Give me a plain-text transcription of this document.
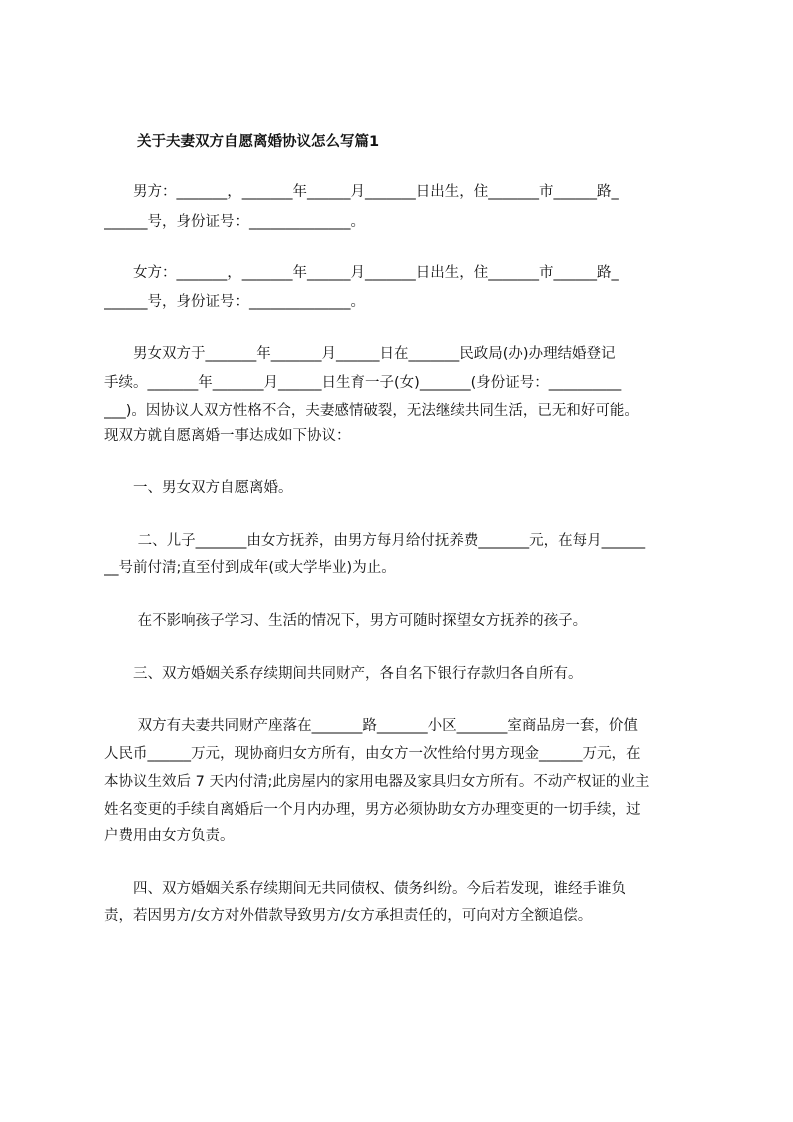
关于夫妻双方自愿离婚协议怎么写篇1
　　男方：_______，_______年______月_______日出生，住_______市______路_
______号，身份证号：______________。
　　女方：_______，_______年______月_______日出生，住_______市______路_
______号，身份证号：______________。
　　男女双方于_______年_______月______日在_______民政局(办)办理结婚登记
手续。_______年_______月______日生育一子(女)_______(身份证号：__________
___)。因协议人双方性格不合，夫妻感情破裂，无法继续共同生活，已无和好可能。
现双方就自愿离婚一事达成如下协议：
　　一、男女双方自愿离婚。
　　 二、儿子_______由女方抚养，由男方每月给付抚养费_______元，在每月______
__号前付清;直至付到成年(或大学毕业)为止。
　　 在不影响孩子学习、生活的情况下，男方可随时探望女方抚养的孩子。
　　三、双方婚姻关系存续期间共同财产，各自名下银行存款归各自所有。
　　 双方有夫妻共同财产座落在_______路_______小区_______室商品房一套，价值
人民币______万元，现协商归女方所有，由女方一次性给付男方现金______万元，在
本协议生效后 7 天内付清;此房屋内的家用电器及家具归女方所有。不动产权证的业主
姓名变更的手续自离婚后一个月内办理，男方必须协助女方办理变更的一切手续，过
户费用由女方负责。
　　四、双方婚姻关系存续期间无共同债权、债务纠纷。今后若发现，谁经手谁负
责，若因男方/女方对外借款导致男方/女方承担责任的，可向对方全额追偿。
